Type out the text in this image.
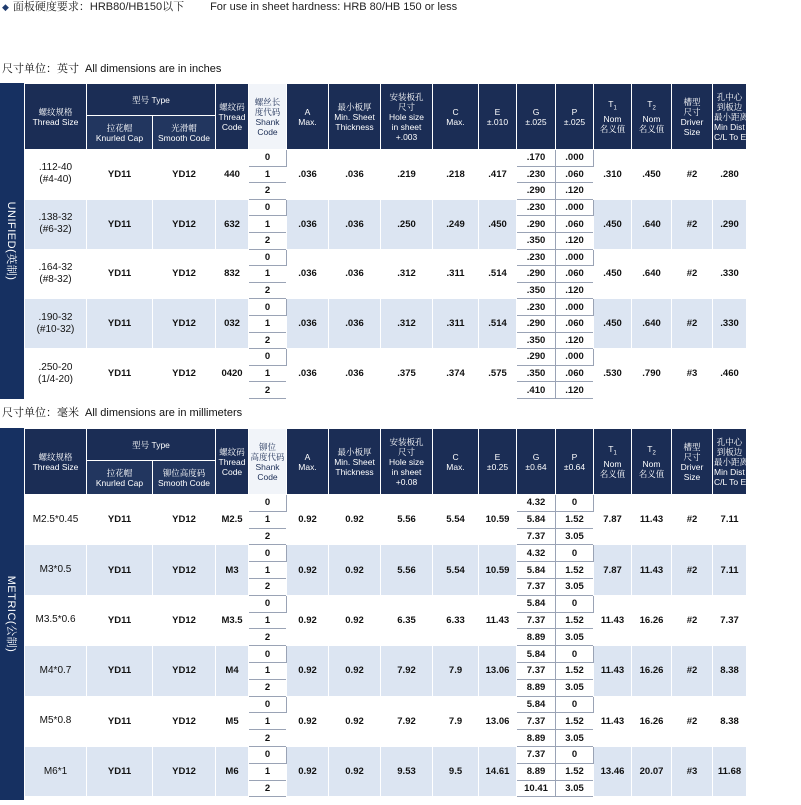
◆ 面板硬度要求：HRB80/HB150以下 For use in sheet hardness: HRB 80/HB 150 or less
尺寸单位：英寸 All dimensions are in inches
UNIFIED(英制)
螺纹规格
Thread Size	型号 Type		螺纹码
Thread
Code	螺丝长
度代码
Shank
Code	A
Max.	最小板厚
Min. Sheet
Thickness	安装板孔
尺寸
Hole size
in sheet
+.003	C
Max.	E
±.010	G
±.025	P
±.025	$T_1$
Nom
名义值	$T_2$
Nom
名义值	槽型
尺寸
Driver
Size	孔中心
到板边
最小距离
Min Dist Hole
C/L To Edge

	拉花帽
Knurled Cap	光滑帽
Smooth Code													

.112-40
(#4-40)	YD11	YD12	440	0	.036	.036	.219	.218	.417	.170	.000	.310	.450	#2	.280
				1						.230	.060				
				2						.290	.120				

.138-32
(#6-32)	YD11	YD12	632	0	.036	.036	.250	.249	.450	.230	.000	.450	.640	#2	.290
				1						.290	.060				
				2						.350	.120				

.164-32
(#8-32)	YD11	YD12	832	0	.036	.036	.312	.311	.514	.230	.000	.450	.640	#2	.330
				1						.290	.060				
				2						.350	.120				

.190-32
(#10-32)	YD11	YD12	032	0	.036	.036	.312	.311	.514	.230	.000	.450	.640	#2	.330
				1						.290	.060				
				2						.350	.120				

.250-20
(1/4-20)	YD11	YD12	0420	0	.036	.036	.375	.374	.575	.290	.000	.530	.790	#3	.460
				1						.350	.060				
				2						.410	.120				
尺寸单位：毫米 All dimensions are in millimeters
METRIC(公制)
螺纹规格
Thread Size	型号 Type		螺纹码
Thread
Code	铆位
高度代码
Shank
Code	A
Max.	最小板厚
Min. Sheet
Thickness	安装板孔
尺寸
Hole size
in sheet
+0.08	C
Max.	E
±0.25	G
±0.64	P
±0.64	$T_1$
Nom
名义值	$T_2$
Nom
名义值	槽型
尺寸
Driver
Size	孔中心
到板边
最小距离
Min Dist Hole
C/L To Edge

	拉花帽
Knurled Cap	铆位高度码
Smooth Code													

M2.5*0.45	YD11	YD12	M2.5	0	0.92	0.92	5.56	5.54	10.59	4.32	0	7.87	11.43	#2	7.11
				1						5.84	1.52				
				2						7.37	3.05				

M3*0.5	YD11	YD12	M3	0	0.92	0.92	5.56	5.54	10.59	4.32	0	7.87	11.43	#2	7.11
				1						5.84	1.52				
				2						7.37	3.05				

M3.5*0.6	YD11	YD12	M3.5	0	0.92	0.92	6.35	6.33	11.43	5.84	0	11.43	16.26	#2	7.37
				1						7.37	1.52				
				2						8.89	3.05				

M4*0.7	YD11	YD12	M4	0	0.92	0.92	7.92	7.9	13.06	5.84	0	11.43	16.26	#2	8.38
				1						7.37	1.52				
				2						8.89	3.05				

M5*0.8	YD11	YD12	M5	0	0.92	0.92	7.92	7.9	13.06	5.84	0	11.43	16.26	#2	8.38
				1						7.37	1.52				
				2						8.89	3.05				

M6*1	YD11	YD12	M6	0	0.92	0.92	9.53	9.5	14.61	7.37	0	13.46	20.07	#3	11.68
				1						8.89	1.52				
				2						10.41	3.05				
